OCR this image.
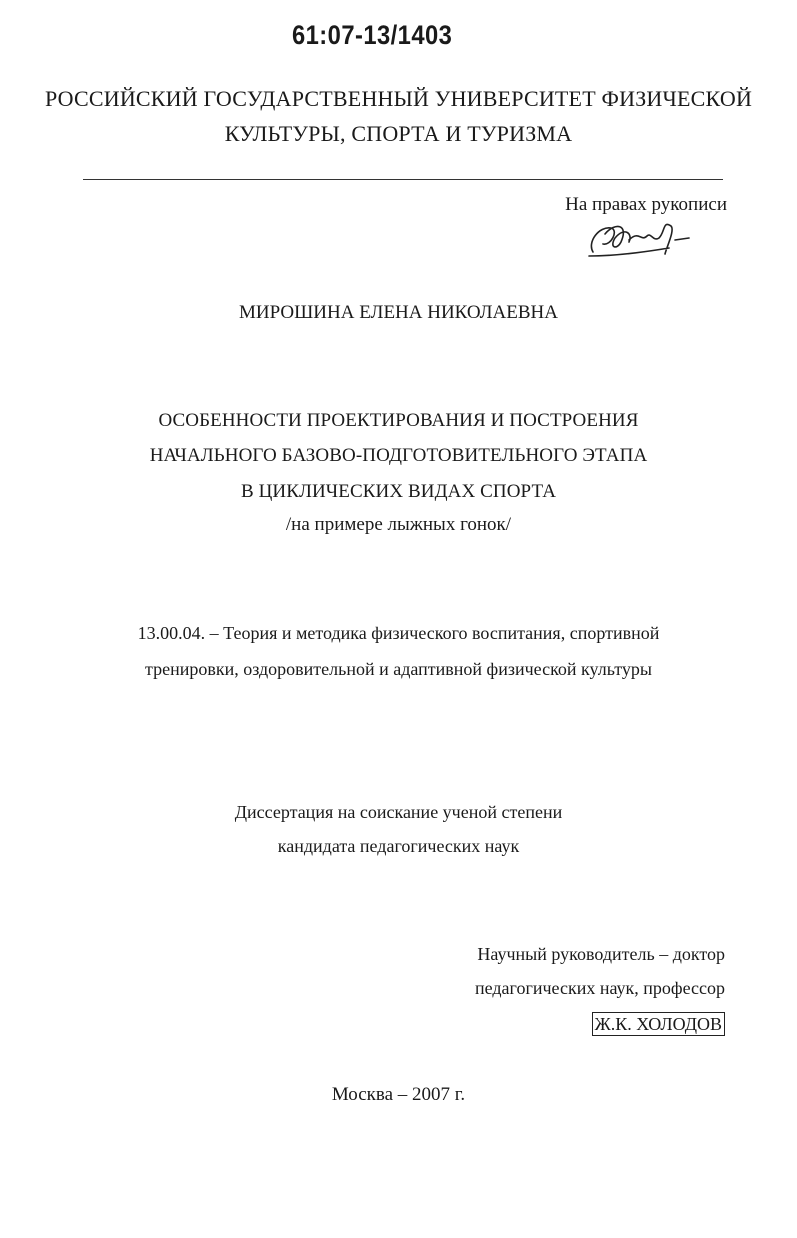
61:07-13/1403
РОССИЙСКИЙ ГОСУДАРСТВЕННЫЙ УНИВЕРСИТЕТ ФИЗИЧЕСКОЙ
КУЛЬТУРЫ, СПОРТА И ТУРИЗМА
На правах рукописи
МИРОШИНА ЕЛЕНА НИКОЛАЕВНА
ОСОБЕННОСТИ ПРОЕКТИРОВАНИЯ И ПОСТРОЕНИЯ
НАЧАЛЬНОГО БАЗОВО-ПОДГОТОВИТЕЛЬНОГО ЭТАПА
В ЦИКЛИЧЕСКИХ ВИДАХ СПОРТА
/на примере лыжных гонок/
13.00.04. – Теория и методика физического воспитания, спортивной
тренировки, оздоровительной и адаптивной физической культуры
Диссертация на соискание ученой степени
кандидата педагогических наук
Научный руководитель – доктор
педагогических наук, профессор
Ж.К. ХОЛОДОВ
Москва – 2007 г.
